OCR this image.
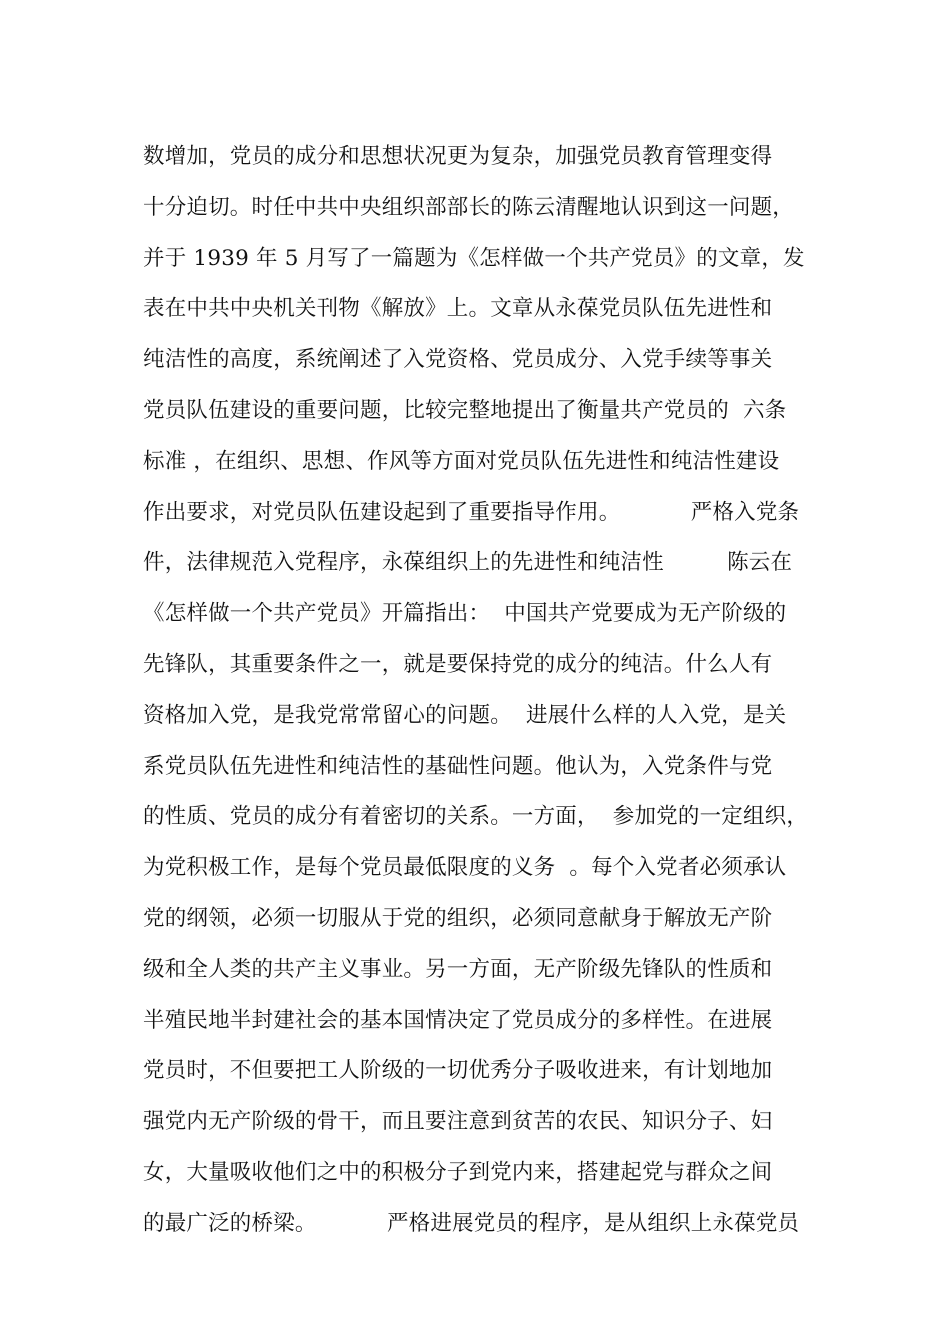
数增加，党员的成分和思想状况更为复杂，加强党员教育管理变得
十分迫切。时任中共中央组织部部长的陈云清醒地认识到这一问题，
并于 1939 年 5 月写了一篇题为《怎样做一个共产党员》的文章，发
表在中共中央机关刊物《解放》上。文章从永葆党员队伍先进性和
纯洁性的高度，系统阐述了入党资格、党员成分、入党手续等事关
党员队伍建设的重要问题，比较完整地提出了衡量共产党员的  六条
标准 ，在组织、思想、作风等方面对党员队伍先进性和纯洁性建设
作出要求，对党员队伍建设起到了重要指导作用。          严格入党条
件，法律规范入党程序，永葆组织上的先进性和纯洁性         陈云在
《怎样做一个共产党员》开篇指出：  中国共产党要成为无产阶级的
先锋队，其重要条件之一，就是要保持党的成分的纯洁。什么人有
资格加入党，是我党常常留心的问题。  进展什么样的人入党，是关
系党员队伍先进性和纯洁性的基础性问题。他认为，入党条件与党
的性质、党员的成分有着密切的关系。一方面，  参加党的一定组织，
为党积极工作，是每个党员最低限度的义务  。每个入党者必须承认
党的纲领，必须一切服从于党的组织，必须同意献身于解放无产阶
级和全人类的共产主义事业。另一方面，无产阶级先锋队的性质和
半殖民地半封建社会的基本国情决定了党员成分的多样性。在进展
党员时，不但要把工人阶级的一切优秀分子吸收进来，有计划地加
强党内无产阶级的骨干，而且要注意到贫苦的农民、知识分子、妇
女，大量吸收他们之中的积极分子到党内来，搭建起党与群众之间
的最广泛的桥梁。          严格进展党员的程序，是从组织上永葆党员
